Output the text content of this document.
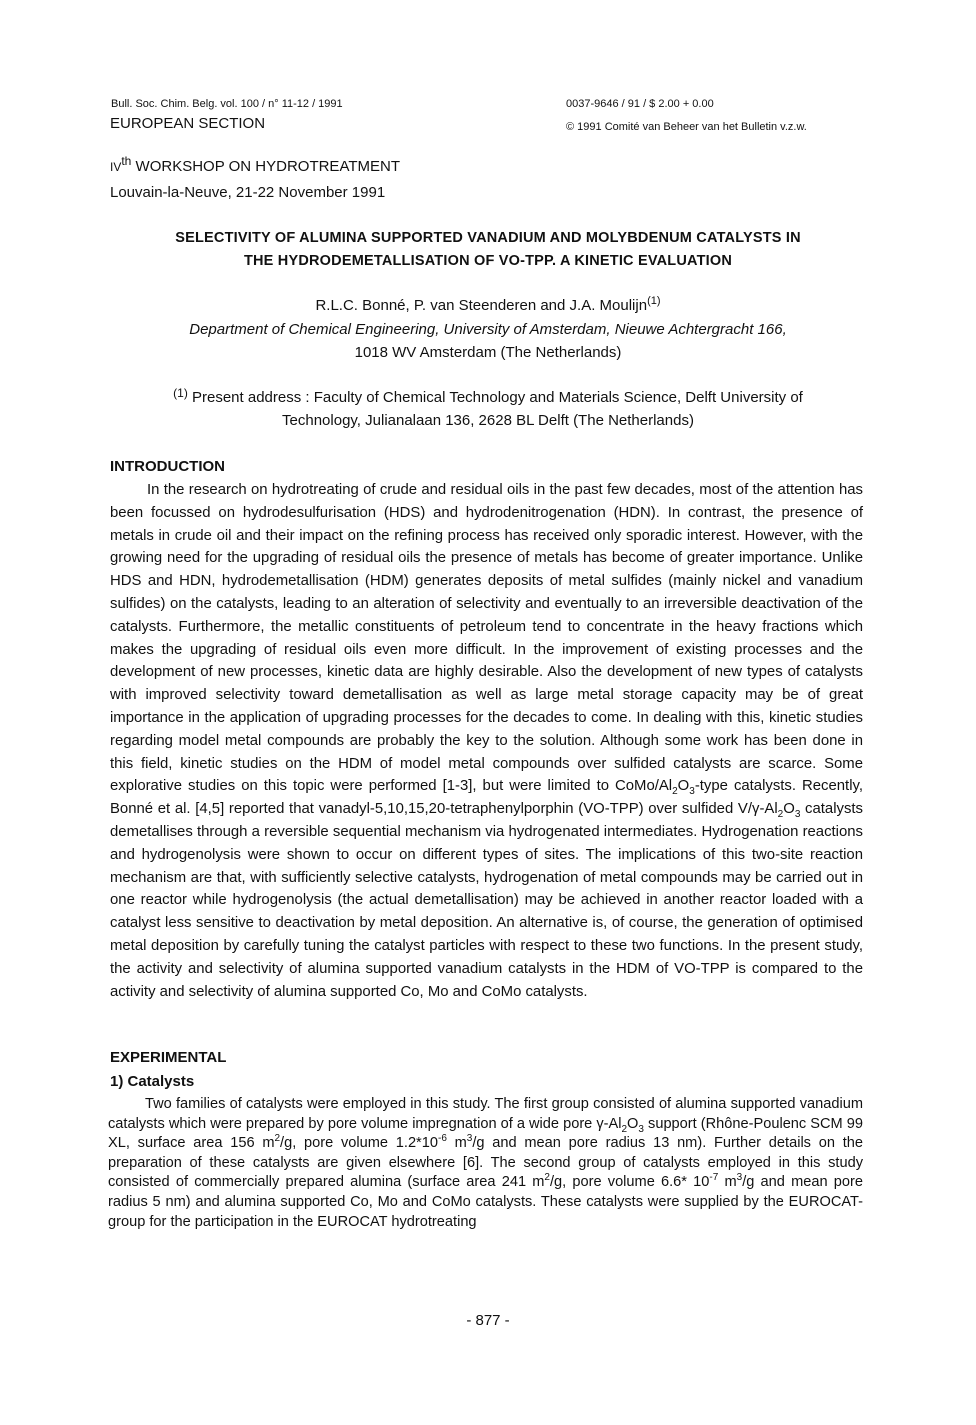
Bull. Soc. Chim. Belg. vol. 100 / n° 11-12 / 1991
EUROPEAN SECTION
0037-9646 / 91 / $ 2.00 + 0.00
© 1991 Comité van Beheer van het Bulletin v.z.w.
IVth WORKSHOP ON HYDROTREATMENT
Louvain-la-Neuve, 21-22 November 1991
SELECTIVITY OF ALUMINA SUPPORTED VANADIUM AND MOLYBDENUM CATALYSTS IN
THE HYDRODEMETALLISATION OF VO-TPP. A KINETIC EVALUATION
R.L.C. Bonné, P. van Steenderen and J.A. Moulijn$^{(1)}$
Department of Chemical Engineering, University of Amsterdam, Nieuwe Achtergracht 166,
1018 WV Amsterdam (The Netherlands)
$^{(1)}$ Present address : Faculty of Chemical Technology and Materials Science, Delft University of
Technology, Julianalaan 136, 2628 BL Delft (The Netherlands)
INTRODUCTION

In the research on hydrotreating of crude and residual oils in the past few decades, most of the attention has been focussed on hydrodesulfurisation (HDS) and hydrodenitrogenation (HDN). In contrast, the presence of metals in crude oil and their impact on the refining process has received only sporadic interest. However, with the growing need for the upgrading of residual oils the presence of metals has become of greater importance. Unlike HDS and HDN, hydrodemetallisation (HDM) generates deposits of metal sulfides (mainly nickel and vanadium sulfides) on the catalysts, leading to an alteration of selectivity and eventually to an irreversible deactivation of the catalysts. Furthermore, the metallic constituents of petroleum tend to concentrate in the heavy fractions which makes the upgrading of residual oils even more difficult. In the improvement of existing processes and the development of new processes, kinetic data are highly desirable. Also the development of new types of catalysts with improved selectivity toward demetallisation as well as large metal storage capacity may be of great importance in the application of upgrading processes for the decades to come. In dealing with this, kinetic studies regarding model metal compounds are probably the key to the solution. Although some work has been done in this field, kinetic studies on the HDM of model metal compounds over sulfided catalysts are scarce. Some explorative studies on this topic were performed [1-3], but were limited to CoMo/$Al_2O_3$-type catalysts. Recently, Bonné et al. [4,5] reported that vanadyl-5,10,15,20-tetraphenylporphin (VO-TPP) over sulfided $V/\gamma-Al_2O_3$ catalysts demetallises through a reversible sequential mechanism via hydrogenated intermediates. Hydrogenation reactions and hydrogenolysis were shown to occur on different types of sites. The implications of this two-site reaction mechanism are that, with sufficiently selective catalysts, hydrogenation of metal compounds may be carried out in one reactor while hydrogenolysis (the actual demetallisation) may be achieved in another reactor loaded with a catalyst less sensitive to deactivation by metal deposition. An alternative is, of course, the generation of optimised metal deposition by carefully tuning the catalyst particles with respect to these two functions. In the present study, the activity and selectivity of alumina supported vanadium catalysts in the HDM of VO-TPP is compared to the activity and selectivity of alumina supported Co, Mo and CoMo catalysts.

EXPERIMENTAL
1) Catalysts

Two families of catalysts were employed in this study. The first group consisted of alumina supported vanadium catalysts which were prepared by pore volume impregnation of a wide pore $\gamma-Al_2O_3$ support (Rhône-Poulenc SCM 99 XL, surface area 156 $m^2/g$, pore volume $1.2*10^{-6}$ $m^3/g$ and mean pore radius 13 nm). Further details on the preparation of these catalysts are given elsewhere [6]. The second group of catalysts employed in this study consisted of commercially prepared alumina (surface area 241 $m^2/g$, pore volume 6.6* $10^{-7}$ $m^3/g$ and mean pore radius 5 nm) and alumina supported Co, Mo and CoMo catalysts. These catalysts were supplied by the EUROCAT-group for the participation in the EUROCAT hydrotreating

- 877 -
